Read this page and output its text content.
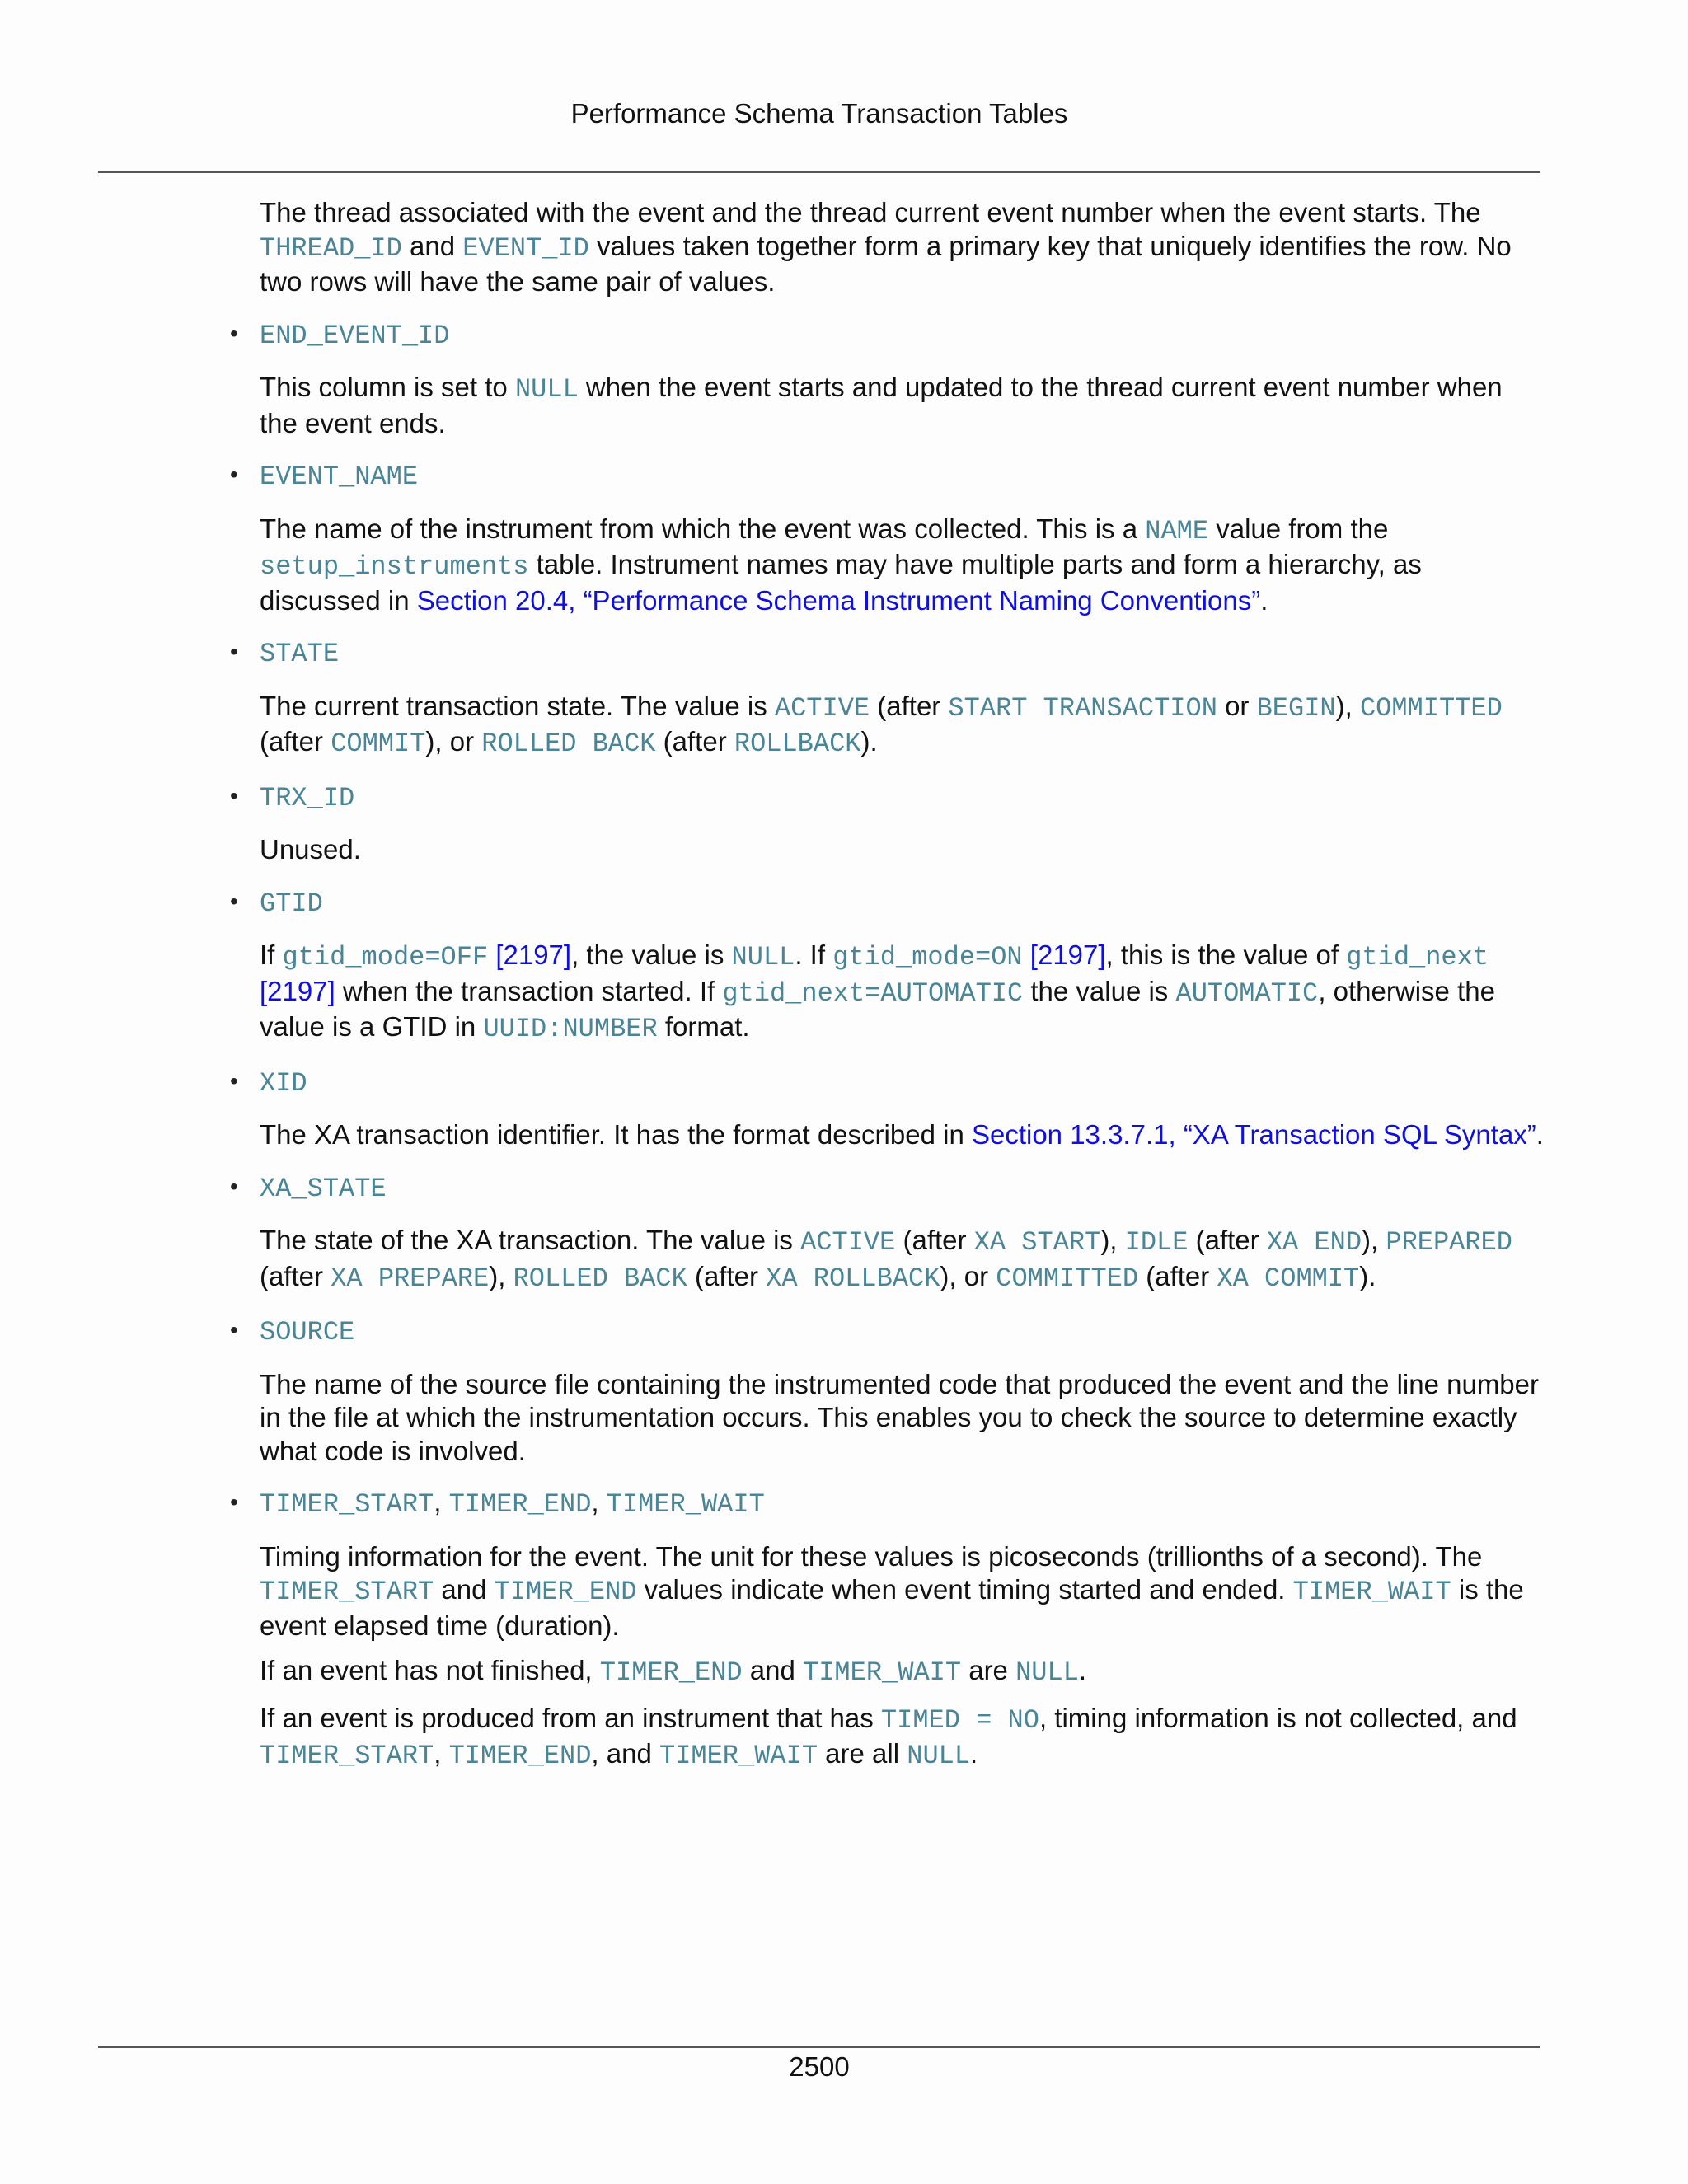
Performance Schema Transaction Tables

The thread associated with the event and the thread current event number when the event starts. The THREAD_ID and EVENT_ID values taken together form a primary key that uniquely identifies the row. No two rows will have the same pair of values.

• END_EVENT_ID

This column is set to NULL when the event starts and updated to the thread current event number when the event ends.

• EVENT_NAME

The name of the instrument from which the event was collected. This is a NAME value from the setup_instruments table. Instrument names may have multiple parts and form a hierarchy, as discussed in Section 20.4, “Performance Schema Instrument Naming Conventions”.

• STATE

The current transaction state. The value is ACTIVE (after START TRANSACTION or BEGIN), COMMITTED (after COMMIT), or ROLLED BACK (after ROLLBACK).

• TRX_ID

Unused.

• GTID

If gtid_mode=OFF [2197], the value is NULL. If gtid_mode=ON [2197], this is the value of gtid_next [2197] when the transaction started. If gtid_next=AUTOMATIC the value is AUTOMATIC, otherwise the value is a GTID in UUID:NUMBER format.

• XID

The XA transaction identifier. It has the format described in Section 13.3.7.1, “XA Transaction SQL Syntax”.

• XA_STATE

The state of the XA transaction. The value is ACTIVE (after XA START), IDLE (after XA END), PREPARED (after XA PREPARE), ROLLED BACK (after XA ROLLBACK), or COMMITTED (after XA COMMIT).

• SOURCE

The name of the source file containing the instrumented code that produced the event and the line number in the file at which the instrumentation occurs. This enables you to check the source to determine exactly what code is involved.

• TIMER_START, TIMER_END, TIMER_WAIT

Timing information for the event. The unit for these values is picoseconds (trillionths of a second). The TIMER_START and TIMER_END values indicate when event timing started and ended. TIMER_WAIT is the event elapsed time (duration).

If an event has not finished, TIMER_END and TIMER_WAIT are NULL.

If an event is produced from an instrument that has TIMED = NO, timing information is not collected, and TIMER_START, TIMER_END, and TIMER_WAIT are all NULL.

2500
